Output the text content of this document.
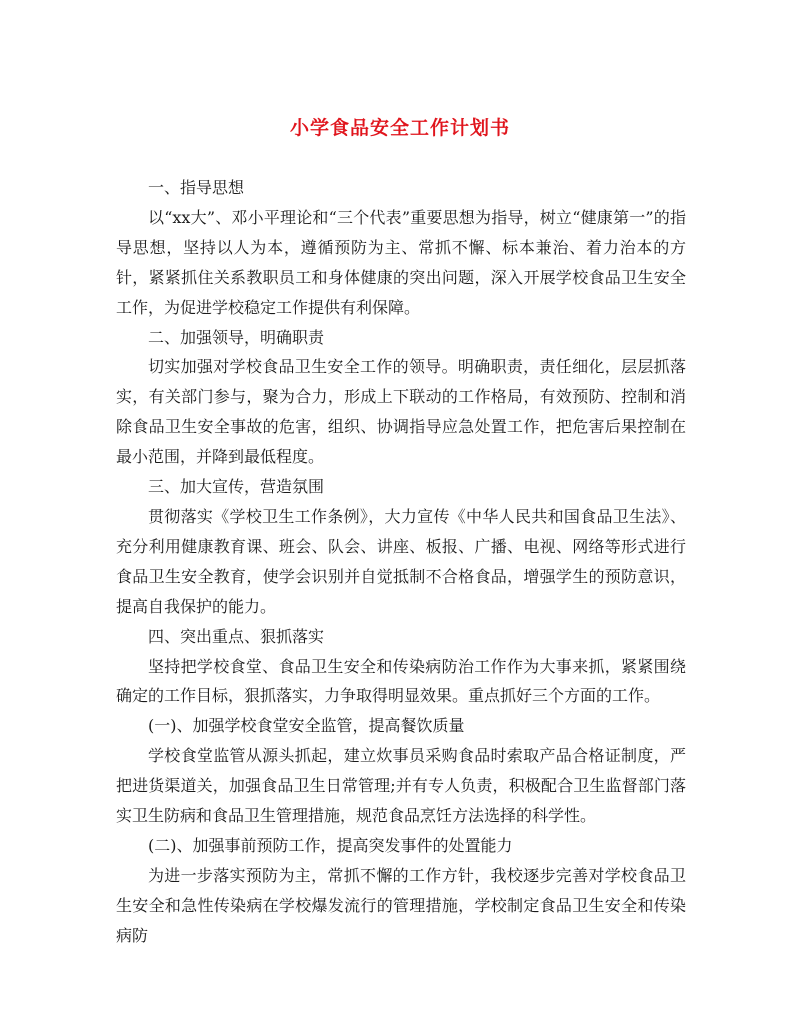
小学食品安全工作计划书

一、指导思想

以“xx大”、邓小平理论和“三个代表”重要思想为指导，树立“健康第一”的指导思想，坚持以人为本，遵循预防为主、常抓不懈、标本兼治、着力治本的方针，紧紧抓住关系教职员工和身体健康的突出问题，深入开展学校食品卫生安全工作，为促进学校稳定工作提供有利保障。

二、加强领导，明确职责

切实加强对学校食品卫生安全工作的领导。明确职责，责任细化，层层抓落实，有关部门参与，聚为合力，形成上下联动的工作格局，有效预防、控制和消除食品卫生安全事故的危害，组织、协调指导应急处置工作，把危害后果控制在最小范围，并降到最低程度。

三、加大宣传，营造氛围

贯彻落实《学校卫生工作条例》，大力宣传《中华人民共和国食品卫生法》、充分利用健康教育课、班会、队会、讲座、板报、广播、电视、网络等形式进行食品卫生安全教育，使学会识别并自觉抵制不合格食品，增强学生的预防意识，提高自我保护的能力。

四、突出重点、狠抓落实

坚持把学校食堂、食品卫生安全和传染病防治工作作为大事来抓，紧紧围绕确定的工作目标，狠抓落实，力争取得明显效果。重点抓好三个方面的工作。

(一)、加强学校食堂安全监管，提高餐饮质量

学校食堂监管从源头抓起，建立炊事员采购食品时索取产品合格证制度，严把进货渠道关，加强食品卫生日常管理;并有专人负责，积极配合卫生监督部门落实卫生防病和食品卫生管理措施，规范食品烹饪方法选择的科学性。

(二)、加强事前预防工作，提高突发事件的处置能力

为进一步落实预防为主，常抓不懈的工作方针，我校逐步完善对学校食品卫生安全和急性传染病在学校爆发流行的管理措施，学校制定食品卫生安全和传染病防
